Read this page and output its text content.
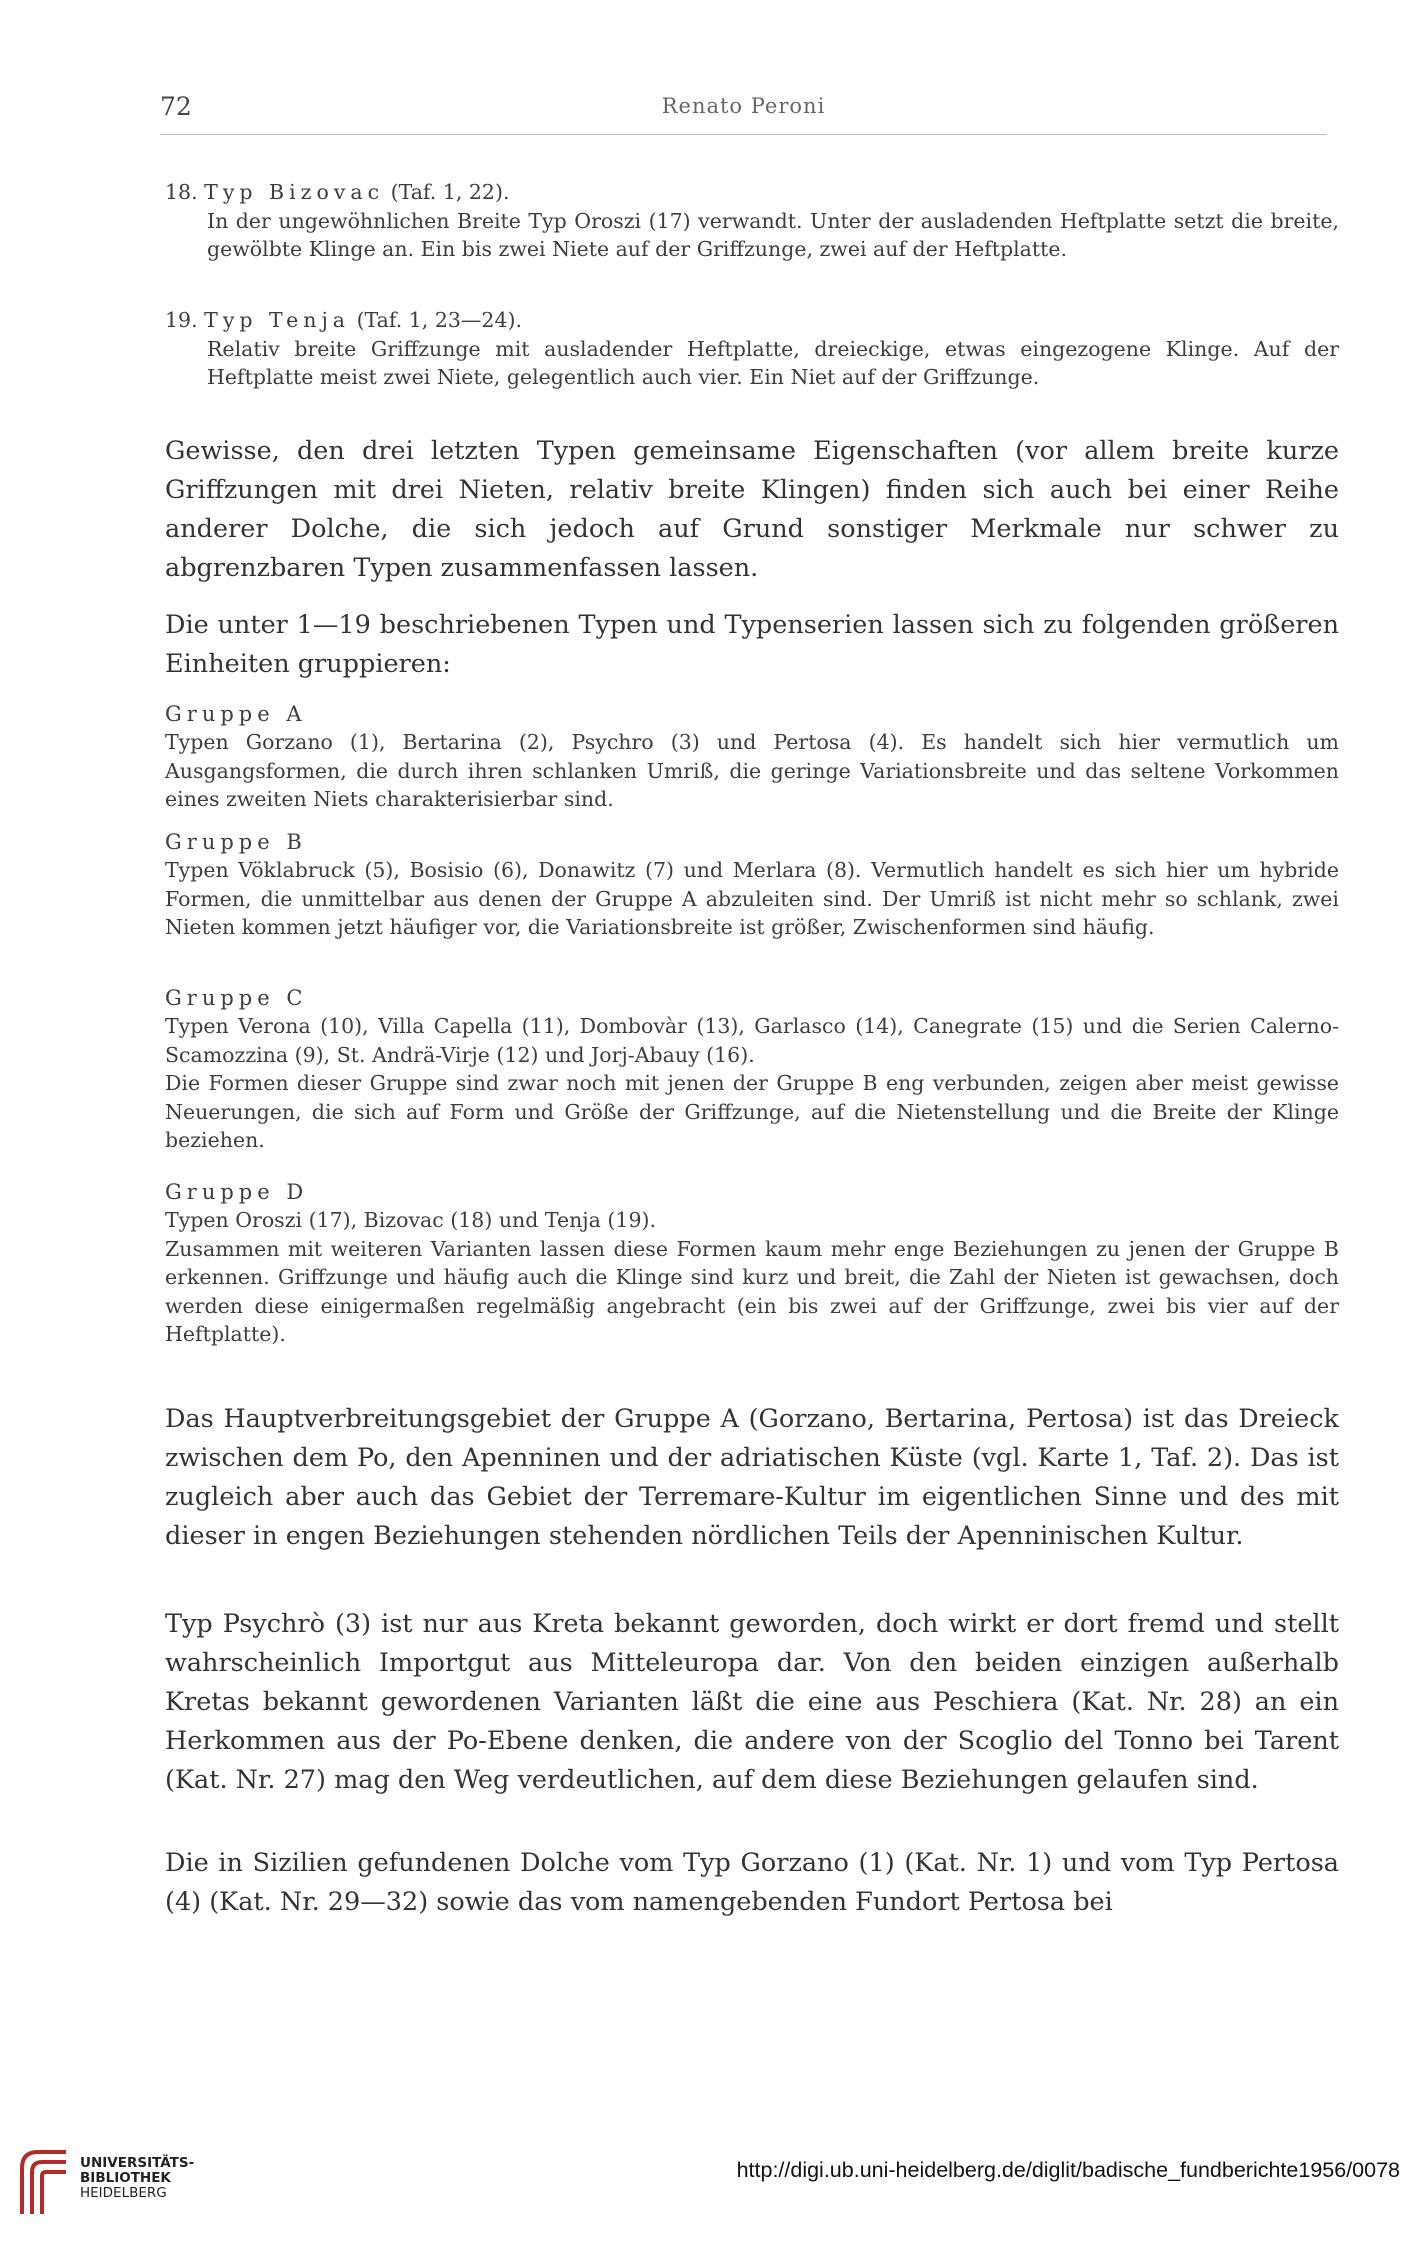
72	Renato Peroni
18. Typ Bizovac (Taf. 1, 22).
In der ungewöhnlichen Breite Typ Oroszi (17) verwandt. Unter der ausladenden Heftplatte setzt die breite, gewölbte Klinge an. Ein bis zwei Niete auf der Griffzunge, zwei auf der Heftplatte.
19. Typ Tenja (Taf. 1, 23—24).
Relativ breite Griffzunge mit ausladender Heftplatte, dreieckige, etwas eingezogene Klinge. Auf der Heftplatte meist zwei Niete, gelegentlich auch vier. Ein Niet auf der Griffzunge.

Gewisse, den drei letzten Typen gemeinsame Eigenschaften (vor allem breite kurze Griffzungen mit drei Nieten, relativ breite Klingen) finden sich auch bei einer Reihe anderer Dolche, die sich jedoch auf Grund sonstiger Merkmale nur schwer zu abgrenzbaren Typen zusammenfassen lassen.

Die unter 1—19 beschriebenen Typen und Typenserien lassen sich zu folgenden größeren Einheiten gruppieren:

Gruppe A
Typen Gorzano (1), Bertarina (2), Psychro (3) und Pertosa (4). Es handelt sich hier vermutlich um Ausgangsformen, die durch ihren schlanken Umriß, die geringe Variationsbreite und das seltene Vorkommen eines zweiten Niets charakterisierbar sind.
Gruppe B
Typen Vöklabruck (5), Bosisio (6), Donawitz (7) und Merlara (8). Vermutlich handelt es sich hier um hybride Formen, die unmittelbar aus denen der Gruppe A abzuleiten sind. Der Umriß ist nicht mehr so schlank, zwei Nieten kommen jetzt häufiger vor, die Variationsbreite ist größer, Zwischenformen sind häufig.
Gruppe C
Typen Verona (10), Villa Capella (11), Dombovàr (13), Garlasco (14), Canegrate (15) und die Serien Calerno-Scamozzina (9), St. Andrä-Virje (12) und Jorj-Abauy (16).
Die Formen dieser Gruppe sind zwar noch mit jenen der Gruppe B eng verbunden, zeigen aber meist gewisse Neuerungen, die sich auf Form und Größe der Griffzunge, auf die Nietenstellung und die Breite der Klinge beziehen.
Gruppe D
Typen Oroszi (17), Bizovac (18) und Tenja (19).
Zusammen mit weiteren Varianten lassen diese Formen kaum mehr enge Beziehungen zu jenen der Gruppe B erkennen. Griffzunge und häufig auch die Klinge sind kurz und breit, die Zahl der Nieten ist gewachsen, doch werden diese einigermaßen regelmäßig angebracht (ein bis zwei auf der Griffzunge, zwei bis vier auf der Heftplatte).

Das Hauptverbreitungsgebiet der Gruppe A (Gorzano, Bertarina, Pertosa) ist das Dreieck zwischen dem Po, den Apenninen und der adriatischen Küste (vgl. Karte 1, Taf. 2). Das ist zugleich aber auch das Gebiet der Terremare-Kultur im eigentlichen Sinne und des mit dieser in engen Beziehungen stehenden nördlichen Teils der Apenninischen Kultur.

Typ Psychrò (3) ist nur aus Kreta bekannt geworden, doch wirkt er dort fremd und stellt wahrscheinlich Importgut aus Mitteleuropa dar. Von den beiden einzigen außerhalb Kretas bekannt gewordenen Varianten läßt die eine aus Peschiera (Kat. Nr. 28) an ein Herkommen aus der Po-Ebene denken, die andere von der Scoglio del Tonno bei Tarent (Kat. Nr. 27) mag den Weg verdeutlichen, auf dem diese Beziehungen gelaufen sind.

Die in Sizilien gefundenen Dolche vom Typ Gorzano (1) (Kat. Nr. 1) und vom Typ Pertosa (4) (Kat. Nr. 29—32) sowie das vom namengebenden Fundort Pertosa bei

UNIVERSITÄTS-
BIBLIOTHEK
HEIDELBERG
http://digi.ub.uni-heidelberg.de/diglit/badische_fundberichte1956/0078
